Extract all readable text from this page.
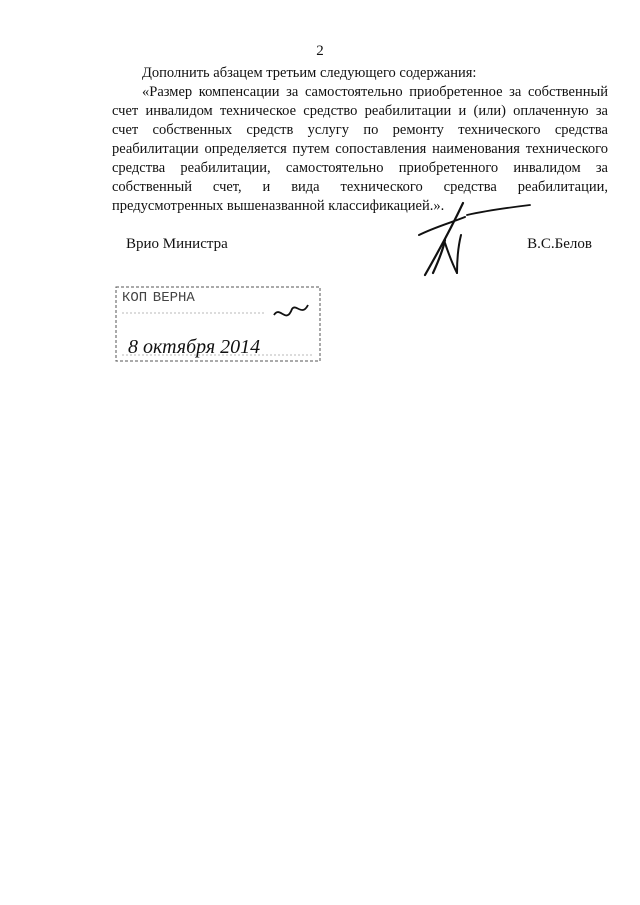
2

Дополнить абзацем третьим следующего содержания:

«Размер компенсации за самостоятельно приобретенное за собственный счет инвалидом техническое средство реабилитации и (или) оплаченную за счет собственных средств услугу по ремонту технического средства реабилитации определяется путем сопоставления наименования технического средства реабилитации, самостоятельно приобретенного инвалидом за собственный счет, и вида технического средства реабилитации, предусмотренных вышеназванной классификацией.».

Врио Министра	В.С.Белов
КОП  ВЕРНА
8 октября 2014
